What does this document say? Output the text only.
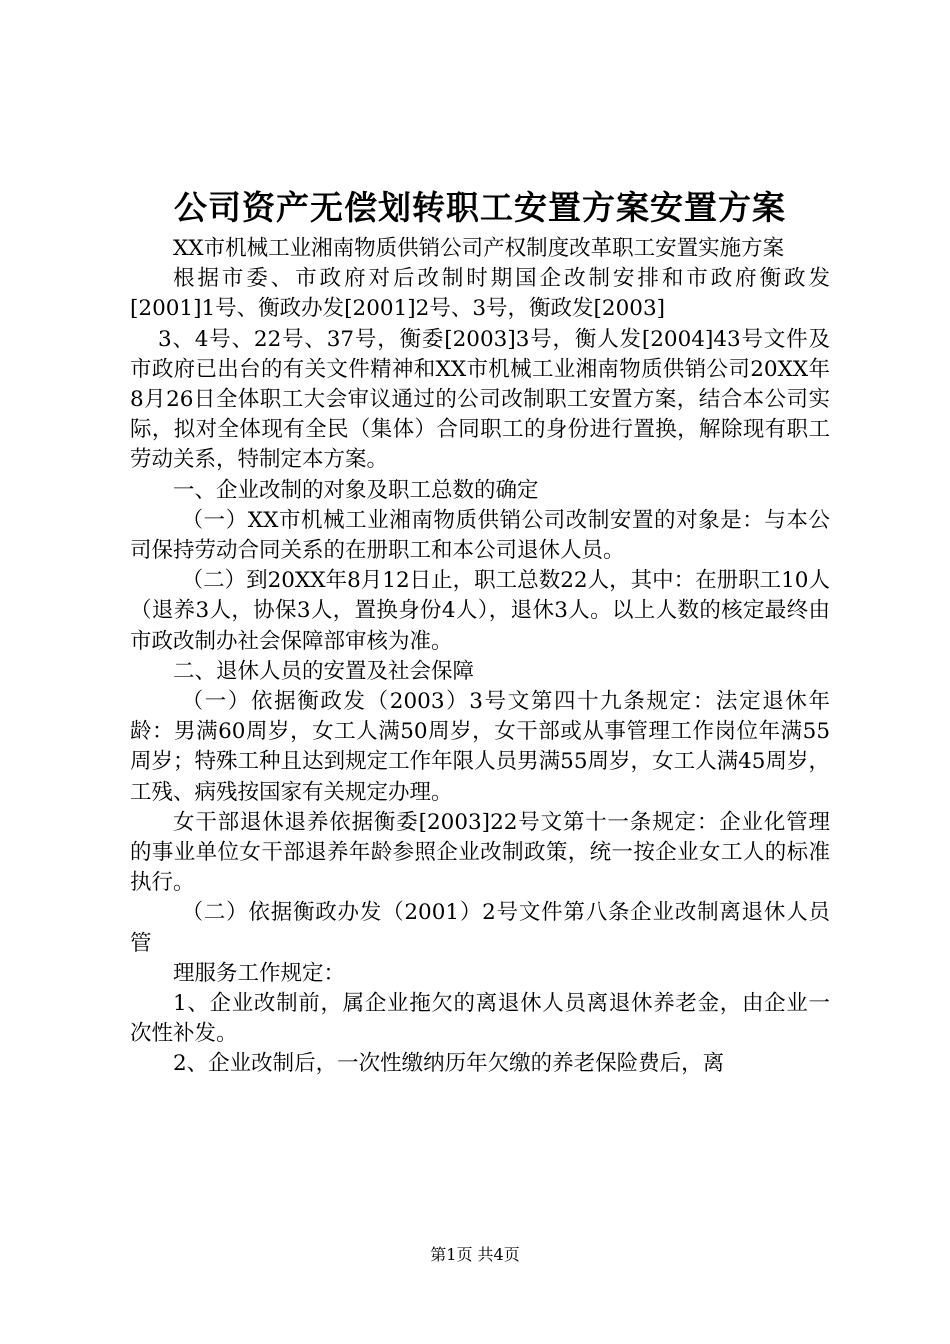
公司资产无偿划转职工安置方案安置方案

XX市机械工业湘南物质供销公司产权制度改革职工安置实施方案

根据市委、市政府对后改制时期国企改制安排和市政府衡政发[2001]1号、衡政办发[2001]2号、3号，衡政发[2003]

3、4号、22号、37号，衡委[2003]3号，衡人发[2004]43号文件及市政府已出台的有关文件精神和XX市机械工业湘南物质供销公司20XX年8月26日全体职工大会审议通过的公司改制职工安置方案，结合本公司实际，拟对全体现有全民（集体）合同职工的身份进行置换，解除现有职工劳动关系，特制定本方案。

一、企业改制的对象及职工总数的确定

（一）XX市机械工业湘南物质供销公司改制安置的对象是：与本公司保持劳动合同关系的在册职工和本公司退休人员。

（二）到20XX年8月12日止，职工总数22人，其中：在册职工10人（退养3人，协保3人，置换身份4人），退休3人。以上人数的核定最终由市政改制办社会保障部审核为准。

二、退休人员的安置及社会保障

（一）依据衡政发（2003）3号文第四十九条规定：法定退休年龄：男满60周岁，女工人满50周岁，女干部或从事管理工作岗位年满55周岁；特殊工种且达到规定工作年限人员男满55周岁，女工人满45周岁，工残、病残按国家有关规定办理。

女干部退休退养依据衡委[2003]22号文第十一条规定：企业化管理的事业单位女干部退养年龄参照企业改制政策，统一按企业女工人的标准执行。

（二）依据衡政办发（2001）2号文件第八条企业改制离退休人员管

理服务工作规定：

1、企业改制前，属企业拖欠的离退休人员离退休养老金，由企业一次性补发。

2、企业改制后，一次性缴纳历年欠缴的养老保险费后，离

第1页 共4页
